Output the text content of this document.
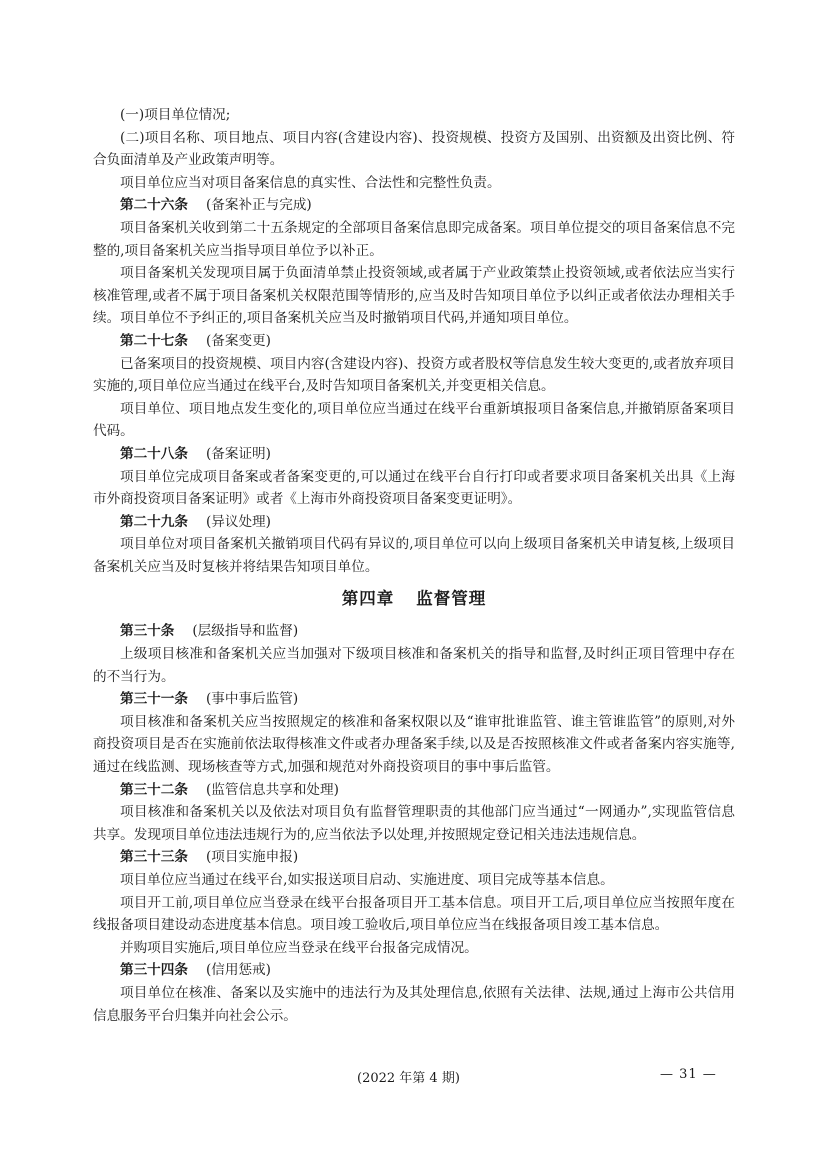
(一)项目单位情况;

(二)项目名称、项目地点、项目内容(含建设内容)、投资规模、投资方及国别、出资额及出资比例、符合负面清单及产业政策声明等。

项目单位应当对项目备案信息的真实性、合法性和完整性负责。

第二十六条 (备案补正与完成)

项目备案机关收到第二十五条规定的全部项目备案信息即完成备案。项目单位提交的项目备案信息不完整的,项目备案机关应当指导项目单位予以补正。

项目备案机关发现项目属于负面清单禁止投资领域,或者属于产业政策禁止投资领域,或者依法应当实行核准管理,或者不属于项目备案机关权限范围等情形的,应当及时告知项目单位予以纠正或者依法办理相关手续。项目单位不予纠正的,项目备案机关应当及时撤销项目代码,并通知项目单位。

第二十七条 (备案变更)

已备案项目的投资规模、项目内容(含建设内容)、投资方或者股权等信息发生较大变更的,或者放弃项目实施的,项目单位应当通过在线平台,及时告知项目备案机关,并变更相关信息。

项目单位、项目地点发生变化的,项目单位应当通过在线平台重新填报项目备案信息,并撤销原备案项目代码。

第二十八条 (备案证明)

项目单位完成项目备案或者备案变更的,可以通过在线平台自行打印或者要求项目备案机关出具《上海市外商投资项目备案证明》或者《上海市外商投资项目备案变更证明》。

第二十九条 (异议处理)

项目单位对项目备案机关撤销项目代码有异议的,项目单位可以向上级项目备案机关申请复核,上级项目备案机关应当及时复核并将结果告知项目单位。

第四章 监督管理

第三十条 (层级指导和监督)

上级项目核准和备案机关应当加强对下级项目核准和备案机关的指导和监督,及时纠正项目管理中存在的不当行为。

第三十一条 (事中事后监管)

项目核准和备案机关应当按照规定的核准和备案权限以及“谁审批谁监管、谁主管谁监管”的原则,对外商投资项目是否在实施前依法取得核准文件或者办理备案手续,以及是否按照核准文件或者备案内容实施等,通过在线监测、现场核查等方式,加强和规范对外商投资项目的事中事后监管。

第三十二条 (监管信息共享和处理)

项目核准和备案机关以及依法对项目负有监督管理职责的其他部门应当通过“一网通办”,实现监管信息共享。发现项目单位违法违规行为的,应当依法予以处理,并按照规定登记相关违法违规信息。

第三十三条 (项目实施申报)

项目单位应当通过在线平台,如实报送项目启动、实施进度、项目完成等基本信息。

项目开工前,项目单位应当登录在线平台报备项目开工基本信息。项目开工后,项目单位应当按照年度在线报备项目建设动态进度基本信息。项目竣工验收后,项目单位应当在线报备项目竣工基本信息。

并购项目实施后,项目单位应当登录在线平台报备完成情况。

第三十四条 (信用惩戒)

项目单位在核准、备案以及实施中的违法行为及其处理信息,依照有关法律、法规,通过上海市公共信用信息服务平台归集并向社会公示。

(2022 年第 4 期)	— 31 —
